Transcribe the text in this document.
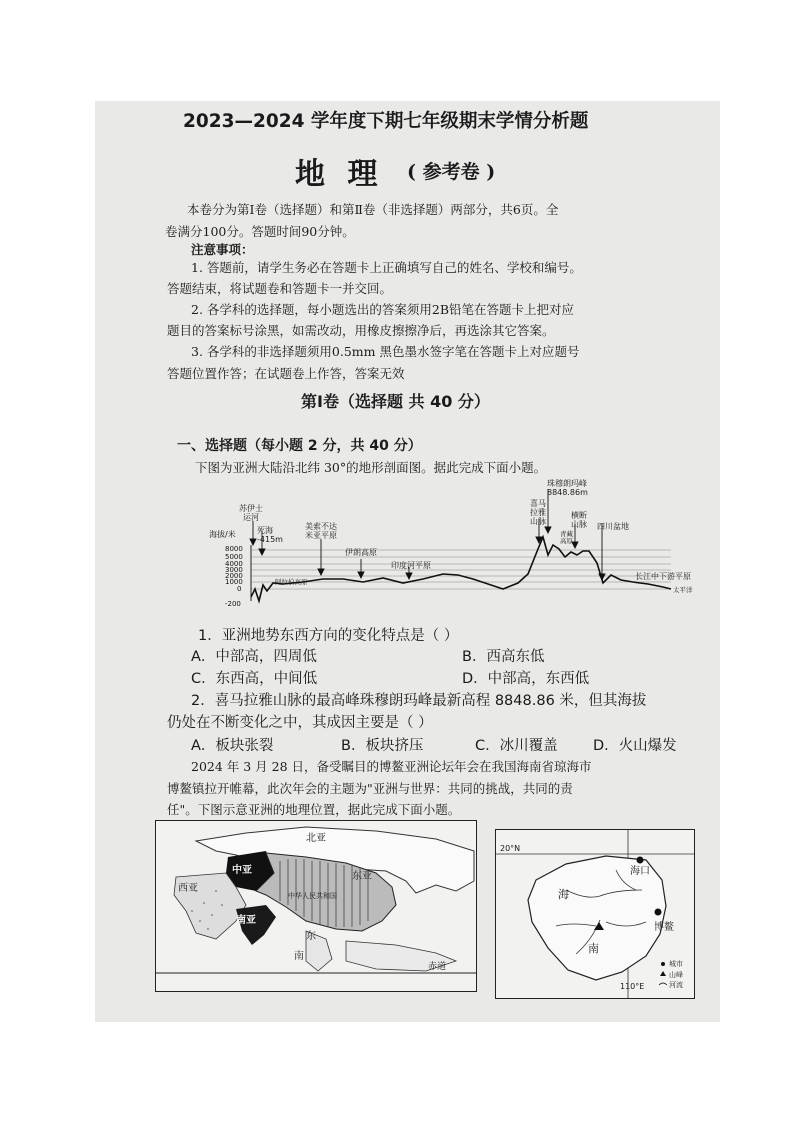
2023—2024 学年度下期七年级期末学情分析题
地 理 ( 参考卷 )
本卷分为第Ⅰ卷（选择题）和第Ⅱ卷（非选择题）两部分，共6页。全
卷满分100分。答题时间90分钟。
注意事项：
1. 答题前，请学生务必在答题卡上正确填写自己的姓名、学校和编号。
答题结束，将试题卷和答题卡一并交回。
2. 各学科的选择题，每小题选出的答案须用2B铅笔在答题卡上把对应
题目的答案标号涂黑，如需改动，用橡皮擦擦净后，再选涂其它答案。
3. 各学科的非选择题须用0.5mm 黑色墨水签字笔在答题卡上对应题号
答题位置作答；在试题卷上作答，答案无效
第Ⅰ卷（选择题 共 40 分）
一、选择题（每小题 2 分，共 40 分）
下图为亚洲大陆沿北纬 30°的地形剖面图。据此完成下面小题。
海拔/米
8000
5000
4000
3000
2000
1000
0
-200
苏伊士
运河
死海
-415m
美索不达
米亚平原
伊朗高原
印度河平原
喜马
拉雅
山脉
珠穆朗玛峰
8848.86m
青藏
高原
横断
山脉 四川盆地
长江中下游平原
太平洋
阿拉伯高原
1．亚洲地势东西方向的变化特点是（ ）
A．中部高，四周低	B．西高东低
C．东西高，中间低	D．中部高，东西低
2．喜马拉雅山脉的最高峰珠穆朗玛峰最新高程 8848.86 米，但其海拔
仍处在不断变化之中，其成因主要是（ ）
A．板块张裂	B．板块挤压	C．冰川覆盖 D．火山爆发
2024 年 3 月 28 日，备受瞩目的博鳌亚洲论坛年会在我国海南省琼海市
博鳌镇拉开帷幕，此次年会的主题为"亚洲与世界：共同的挑战，共同的责
任"。下图示意亚洲的地理位置，据此完成下面小题。
北亚
中亚
西亚
东亚
南亚
中华人民共和国
东
南
赤道
20°N
110°E
海口
博鳌
海
南
城市
山峰
河流
